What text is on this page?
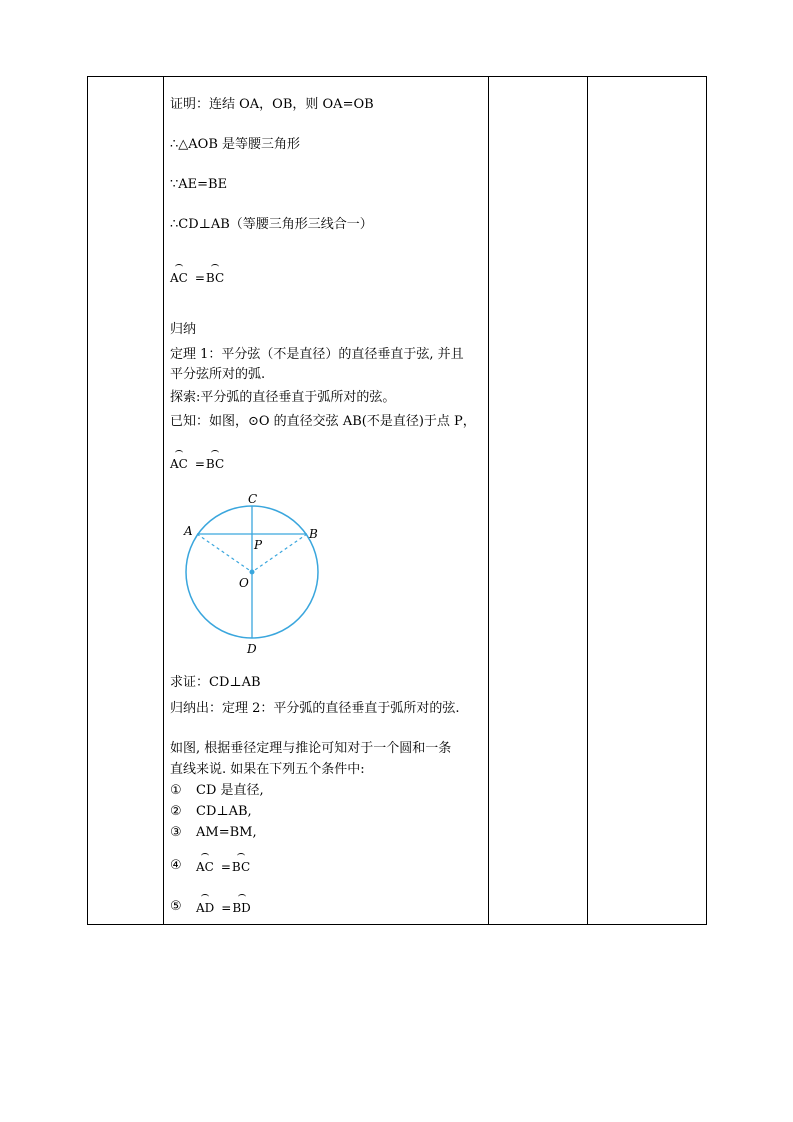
证明：连结 OA，OB，则 OA=OB
∴△AOB 是等腰三角形
∵AE=BE
∴CD⊥AB（等腰三角形三线合一）
AC =BC
归纳
定理 1：平分弦（不是直径）的直径垂直于弦, 并且
平分弦所对的弧.
探索:平分弧的直径垂直于弧所对的弦。
已知：如图，⊙O 的直径交弦 AB(不是直径)于点 P，
AC =BC
求证：CD⊥AB
归纳出：定理 2：平分弧的直径垂直于弧所对的弦.
如图, 根据垂径定理与推论可知对于一个圆和一条
直线来说. 如果在下列五个条件中:
① CD 是直径,
② CD⊥AB,
③ AM=BM,
④ AC =BC
⑤ AD =BD
C
A	B
P
O
D
